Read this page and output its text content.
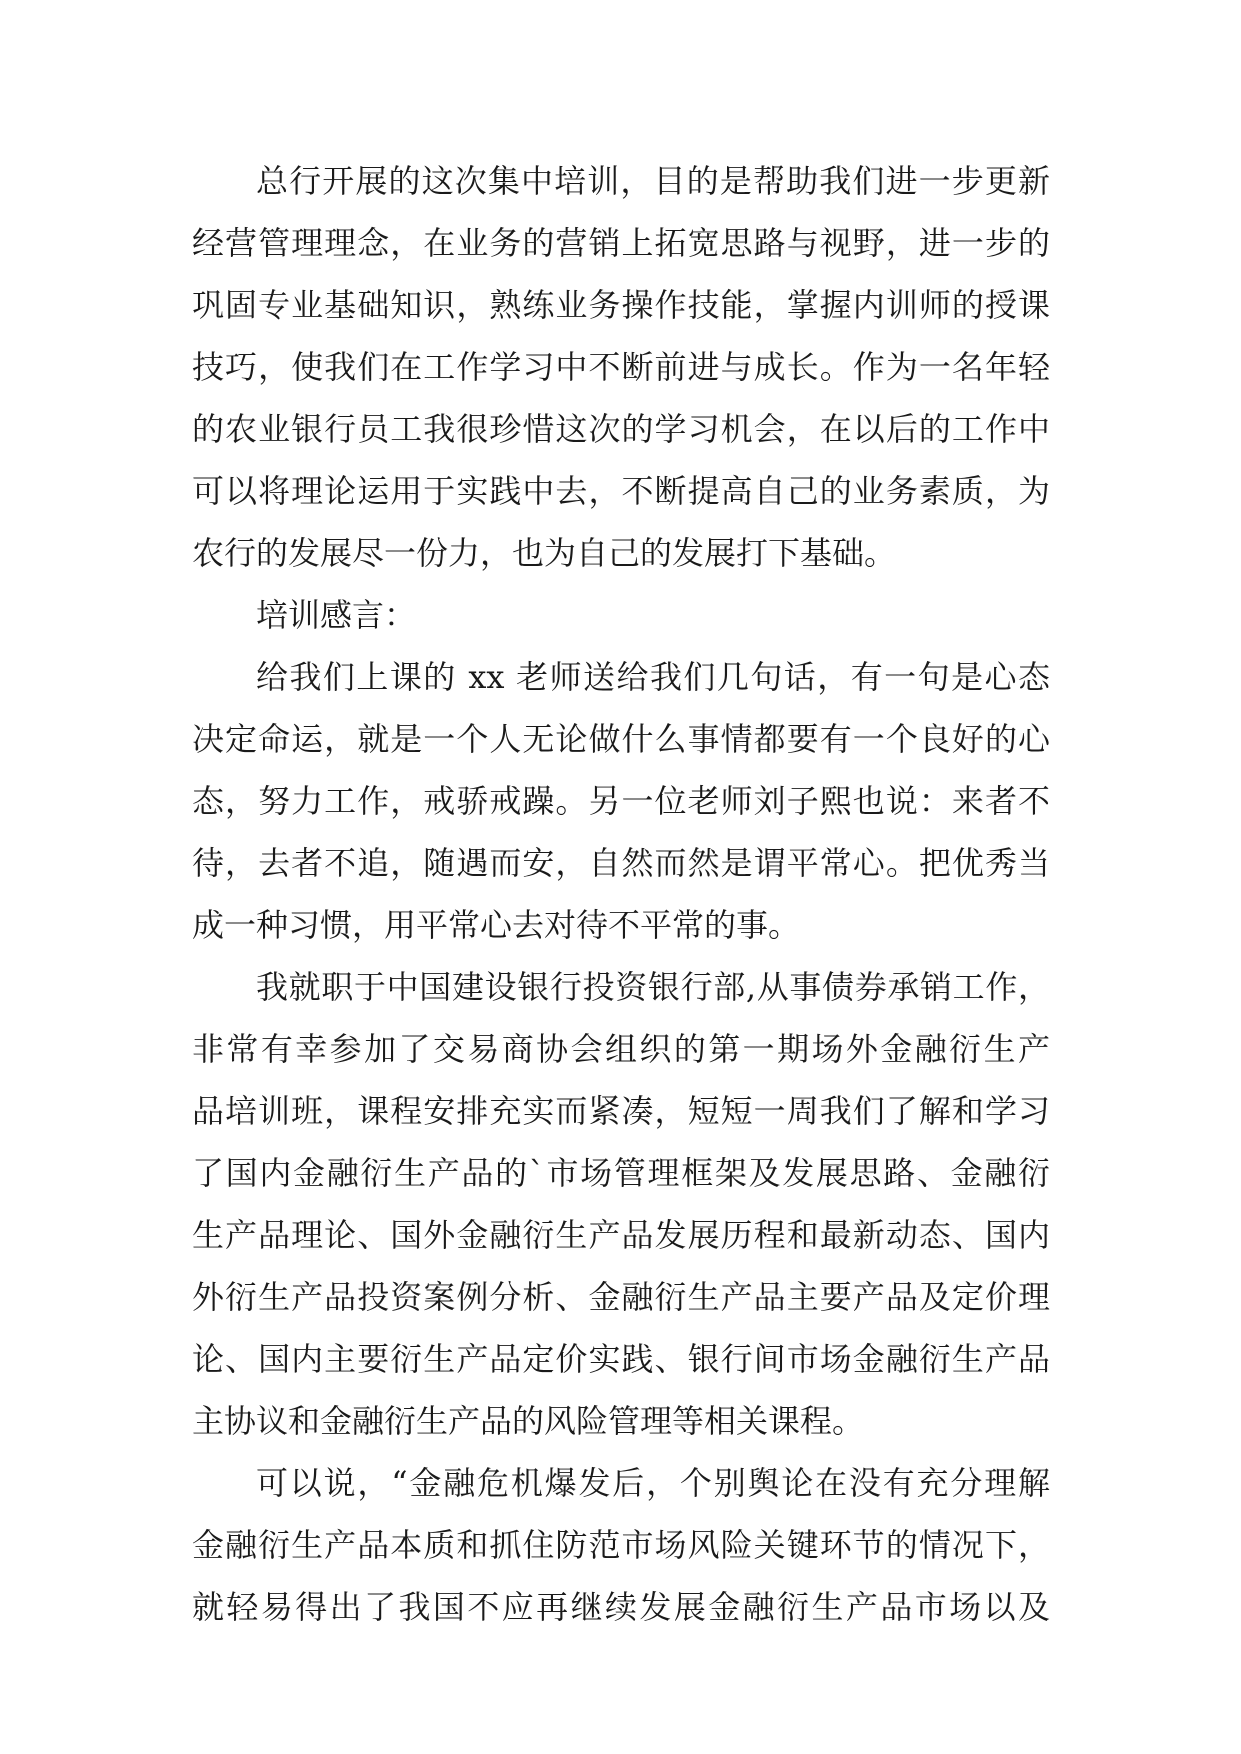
总行开展的这次集中培训，目的是帮助我们进一步更新
经营管理理念，在业务的营销上拓宽思路与视野，进一步的
巩固专业基础知识，熟练业务操作技能，掌握内训师的授课
技巧，使我们在工作学习中不断前进与成长。作为一名年轻
的农业银行员工我很珍惜这次的学习机会，在以后的工作中
可以将理论运用于实践中去，不断提高自己的业务素质，为
农行的发展尽一份力，也为自己的发展打下基础。
培训感言：
给我们上课的 xx 老师送给我们几句话，有一句是心态
决定命运，就是一个人无论做什么事情都要有一个良好的心
态，努力工作，戒骄戒躁。另一位老师刘子熙也说：来者不
待，去者不追，随遇而安，自然而然是谓平常心。把优秀当
成一种习惯，用平常心去对待不平常的事。
我就职于中国建设银行投资银行部,从事债券承销工作，
非常有幸参加了交易商协会组织的第一期场外金融衍生产
品培训班，课程安排充实而紧凑，短短一周我们了解和学习
了国内金融衍生产品的`市场管理框架及发展思路、金融衍
生产品理论、国外金融衍生产品发展历程和最新动态、国内
外衍生产品投资案例分析、金融衍生产品主要产品及定价理
论、国内主要衍生产品定价实践、银行间市场金融衍生产品
主协议和金融衍生产品的风险管理等相关课程。
可以说，“金融危机爆发后，个别舆论在没有充分理解
金融衍生产品本质和抓住防范市场风险关键环节的情况下，
就轻易得出了我国不应再继续发展金融衍生产品市场以及
